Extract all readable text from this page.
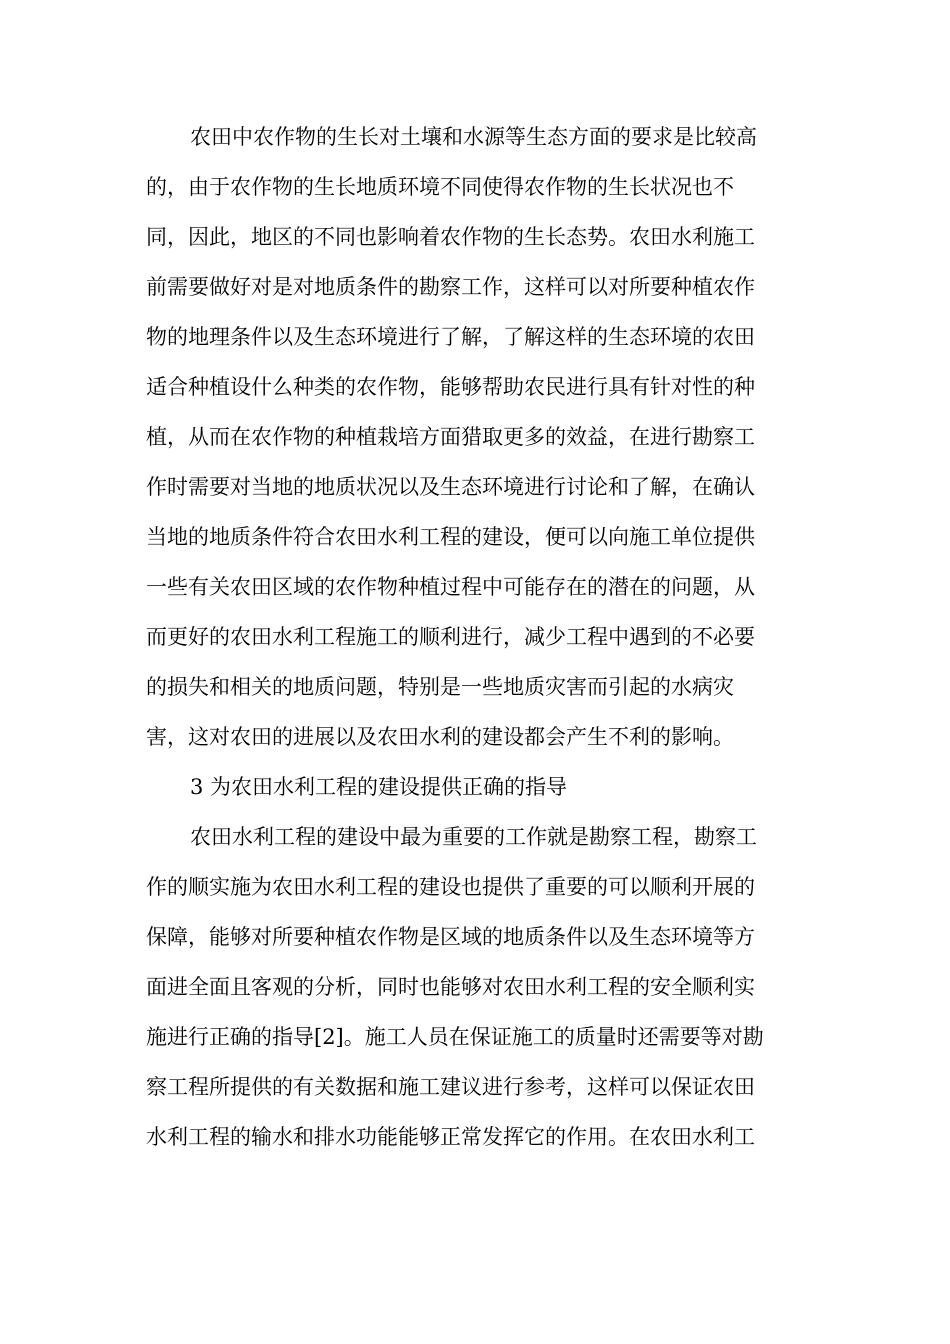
农田中农作物的生长对土壤和水源等生态方面的要求是比较高
的，由于农作物的生长地质环境不同使得农作物的生长状况也不
同，因此，地区的不同也影响着农作物的生长态势。农田水利施工
前需要做好对是对地质条件的勘察工作，这样可以对所要种植农作
物的地理条件以及生态环境进行了解，了解这样的生态环境的农田
适合种植设什么种类的农作物，能够帮助农民进行具有针对性的种
植，从而在农作物的种植栽培方面猎取更多的效益，在进行勘察工
作时需要对当地的地质状况以及生态环境进行讨论和了解，在确认
当地的地质条件符合农田水利工程的建设，便可以向施工单位提供
一些有关农田区域的农作物种植过程中可能存在的潜在的问题，从
而更好的农田水利工程施工的顺利进行，减少工程中遇到的不必要
的损失和相关的地质问题，特别是一些地质灾害而引起的水病灾
害，这对农田的进展以及农田水利的建设都会产生不利的影响。
3 为农田水利工程的建设提供正确的指导
农田水利工程的建设中最为重要的工作就是勘察工程，勘察工
作的顺实施为农田水利工程的建设也提供了重要的可以顺利开展的
保障，能够对所要种植农作物是区域的地质条件以及生态环境等方
面进全面且客观的分析，同时也能够对农田水利工程的安全顺利实
施进行正确的指导[2]。施工人员在保证施工的质量时还需要等对勘
察工程所提供的有关数据和施工建议进行参考，这样可以保证农田
水利工程的输水和排水功能能够正常发挥它的作用。在农田水利工
